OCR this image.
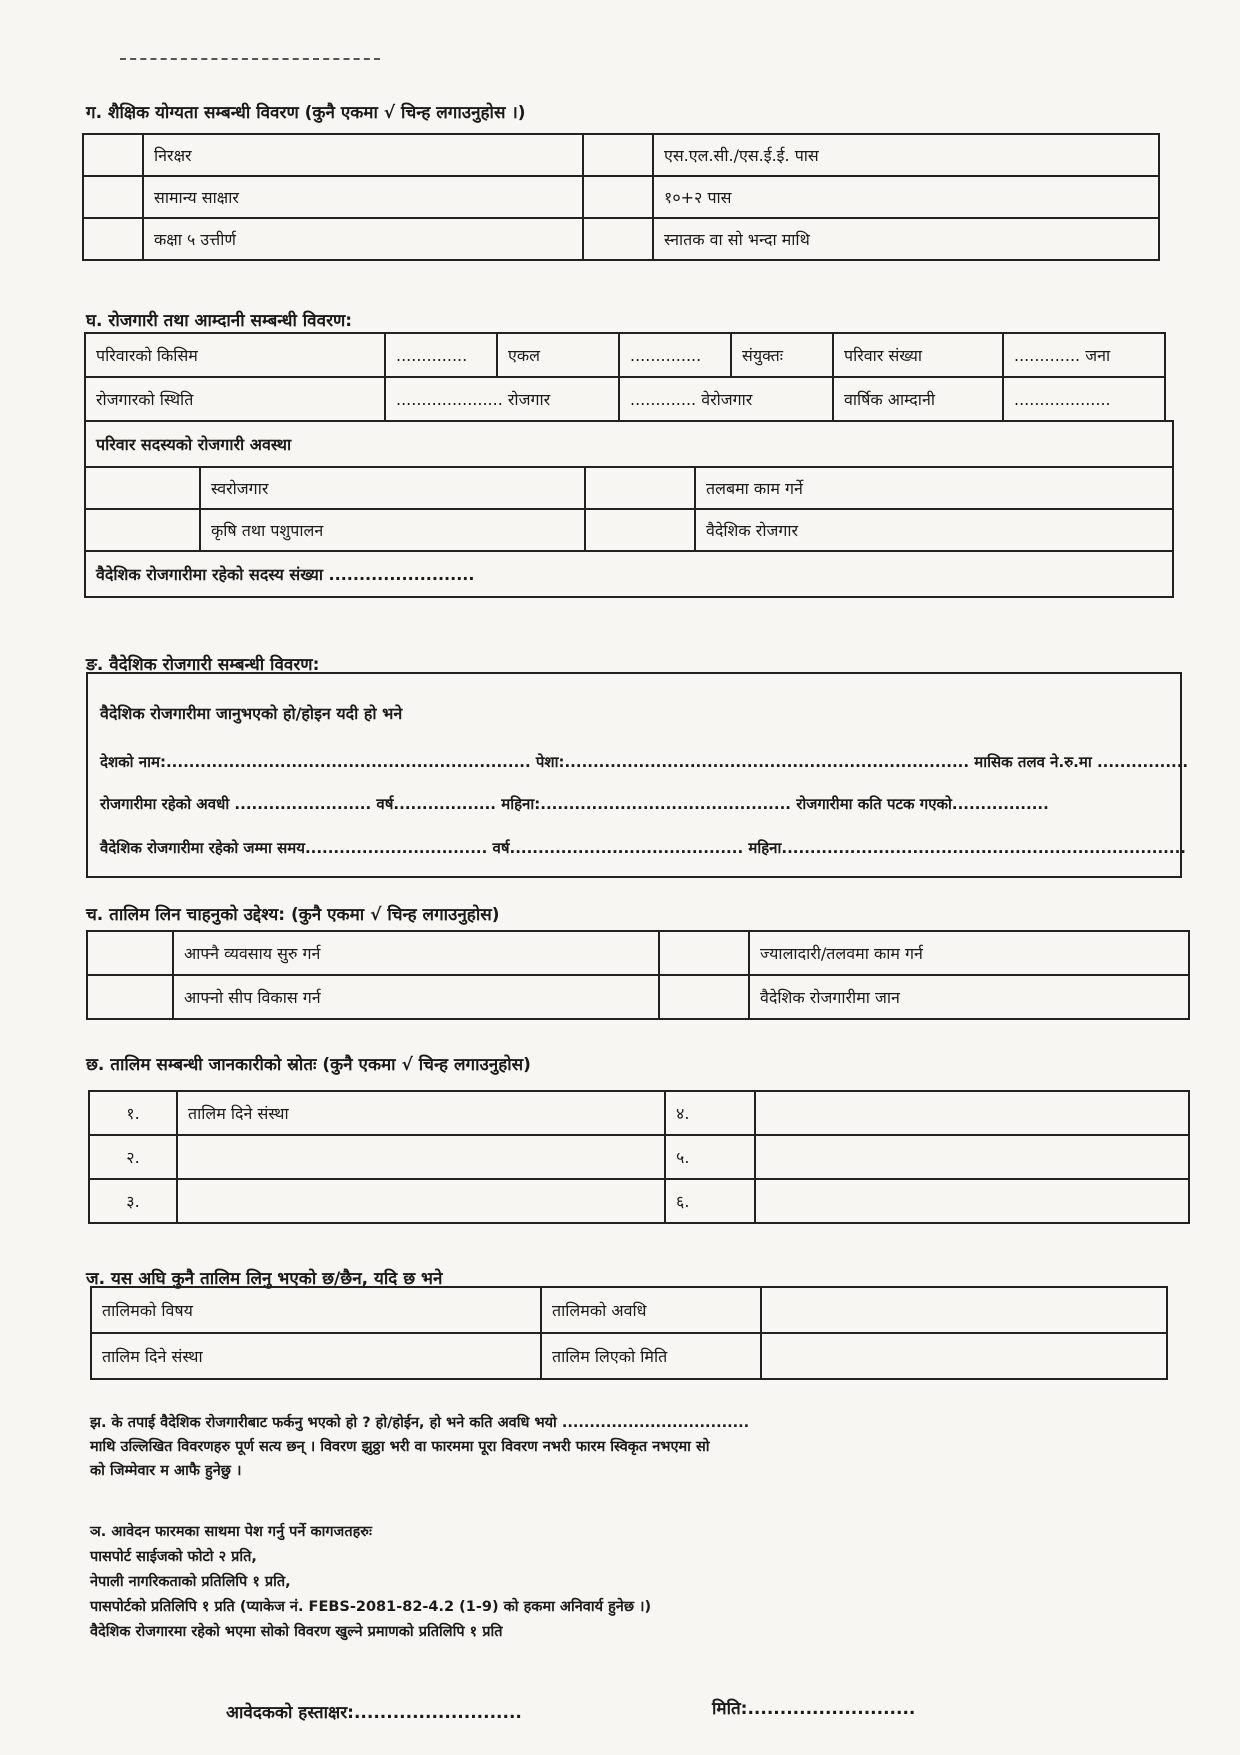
ग. शैक्षिक योग्यता सम्बन्धी विवरण (कुनै एकमा √ चिन्ह लगाउनुहोस ।)
	निरक्षर		एस.एल.सी./एस.ई.ई. पास
	सामान्य साक्षार		१०+२ पास
	कक्षा ५ उत्तीर्ण		स्नातक वा सो भन्दा माथि
घ. रोजगारी तथा आम्दानी सम्बन्धी विवरण:
परिवारको किसिम	..............	एकल	..............	संयुक्तः	परिवार संख्या	............. जना
रोजगारको स्थिति	..................... रोजगार		............. वेरोजगार		वार्षिक आम्दानी	...................
परिवार सदस्यको रोजगारी अवस्था			
	स्वरोजगार		तलबमा काम गर्ने
	कृषि तथा पशुपालन		वैदेशिक रोजगार
वैदेशिक रोजगारीमा रहेको सदस्य संख्या ........................			
ङ. वैदेशिक रोजगारी सम्बन्धी विवरण:
वैदेशिक रोजगारीमा जानुभएको हो/होइन यदी हो भने
देशको नाम:................................................................ पेशा:....................................................................... मासिक तलव ने.रु.मा ................
रोजगारीमा रहेको अवधी ........................ वर्ष.................. महिना:............................................ रोजगारीमा कति पटक गएको.................
वैदेशिक रोजगारीमा रहेको जम्मा समय................................ वर्ष......................................... महिना.......................................................................
च. तालिम लिन चाहनुको उद्देश्य: (कुनै एकमा √ चिन्ह लगाउनुहोस)
	आफ्नै व्यवसाय सुरु गर्न		ज्यालादारी/तलवमा काम गर्न
	आफ्नो सीप विकास गर्न		वैदेशिक रोजगारीमा जान
छ. तालिम सम्बन्धी जानकारीको स्रोतः (कुनै एकमा √ चिन्ह लगाउनुहोस)
१.	तालिम दिने संस्था	४.	
२.		५.	
३.		६.	
ज. यस अघि कुनै तालिम लिनु भएको छ/छैन, यदि छ भने
तालिमको विषय	तालिमको अवधि	
तालिम दिने संस्था	तालिम लिएको मिति	
झ. के तपाई वैदेशिक रोजगारीबाट फर्कनु भएको हो ? हो/होईन, हो भने कति अवधि भयो ..................................
माथि उल्लिखित विवरणहरु पूर्ण सत्य छन् । विवरण झुठ्ठा भरी वा फारममा पूरा विवरण नभरी फारम स्विकृत नभएमा सो
को जिम्मेवार म आफै हुनेछु ।
ञ. आवेदन फारमका साथमा पेश गर्नु पर्ने कागजतहरुः
पासपोर्ट साईजको फोटो २ प्रति,
नेपाली नागरिकताको प्रतिलिपि १ प्रति,
पासपोर्टको प्रतिलिपि १ प्रति (प्याकेज नं. FEBS-2081-82-4.2 (1-9) को हकमा अनिवार्य हुनेछ ।)
वैदेशिक रोजगारमा रहेको भएमा सोको विवरण खुल्ने प्रमाणको प्रतिलिपि १ प्रति
आवेदकको हस्ताक्षर:..........................	मिति:..........................
